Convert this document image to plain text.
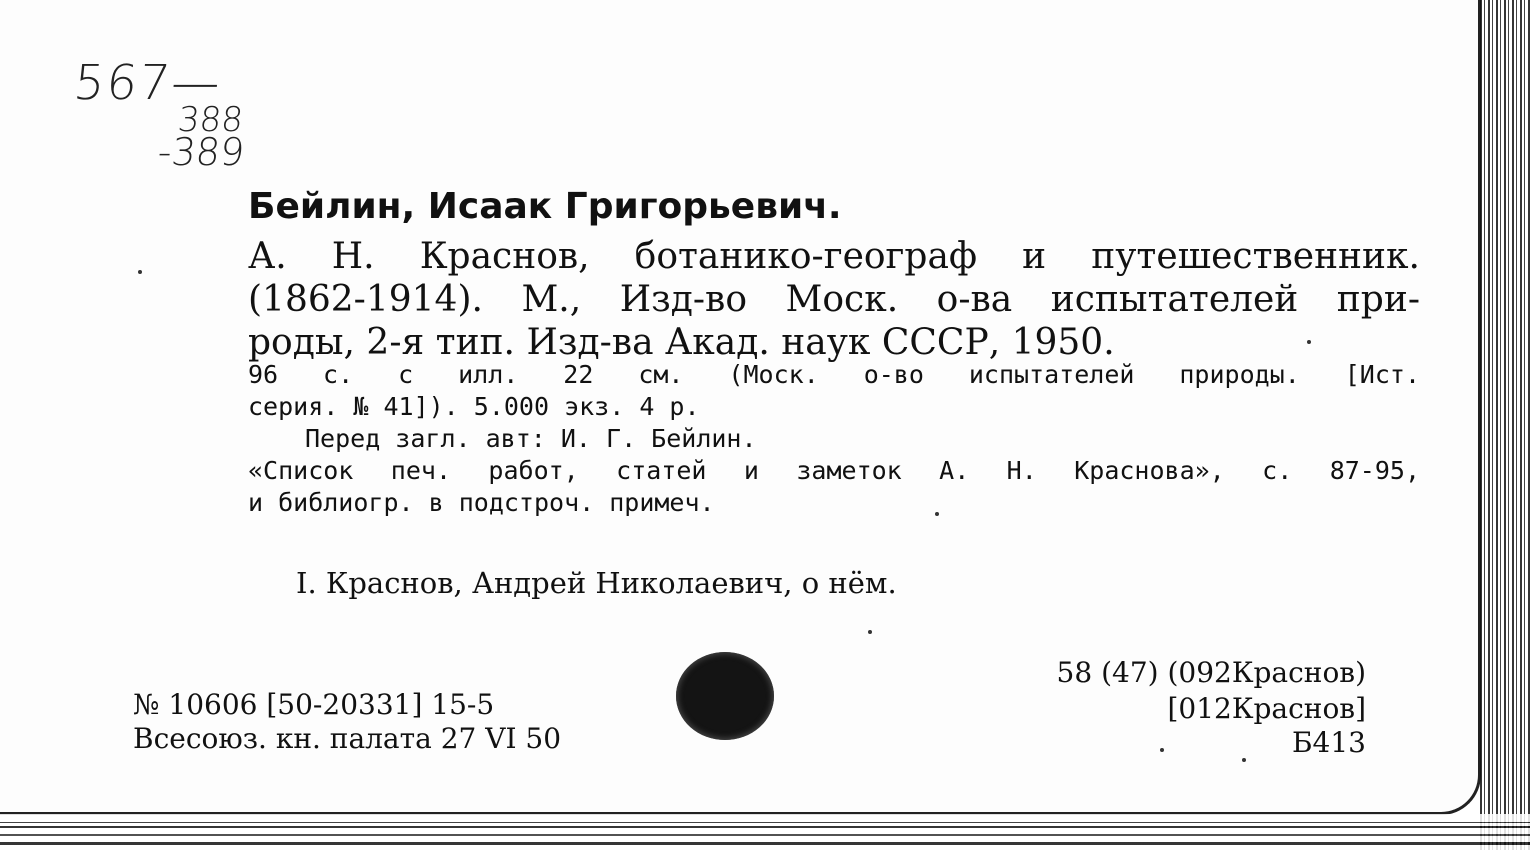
567—
388
-389
Бейлин, Исаак Григорьевич.
А. Н. Краснов, ботанико-географ и путешественник.
(1862-1914). М., Изд-во Моск. о-ва испытателей при-
роды, 2-я тип. Изд-ва Акад. наук СССР, 1950.
96 с. с илл. 22 см. (Моск. о-во испытателей природы. [Ист.
серия. № 41]). 5.000 экз. 4 р.
Перед загл. авт: И. Г. Бейлин.
«Список печ. работ, статей и заметок А. Н. Краснова», с. 87-95,
и библиогр. в подстроч. примеч.
I. Краснов, Андрей Николаевич, о нём.
№ 10606 [50-20331] 15-5
Всесоюз. кн. палата 27 VI 50
58 (47) (092Краснов)
[012Краснов]
Б413
